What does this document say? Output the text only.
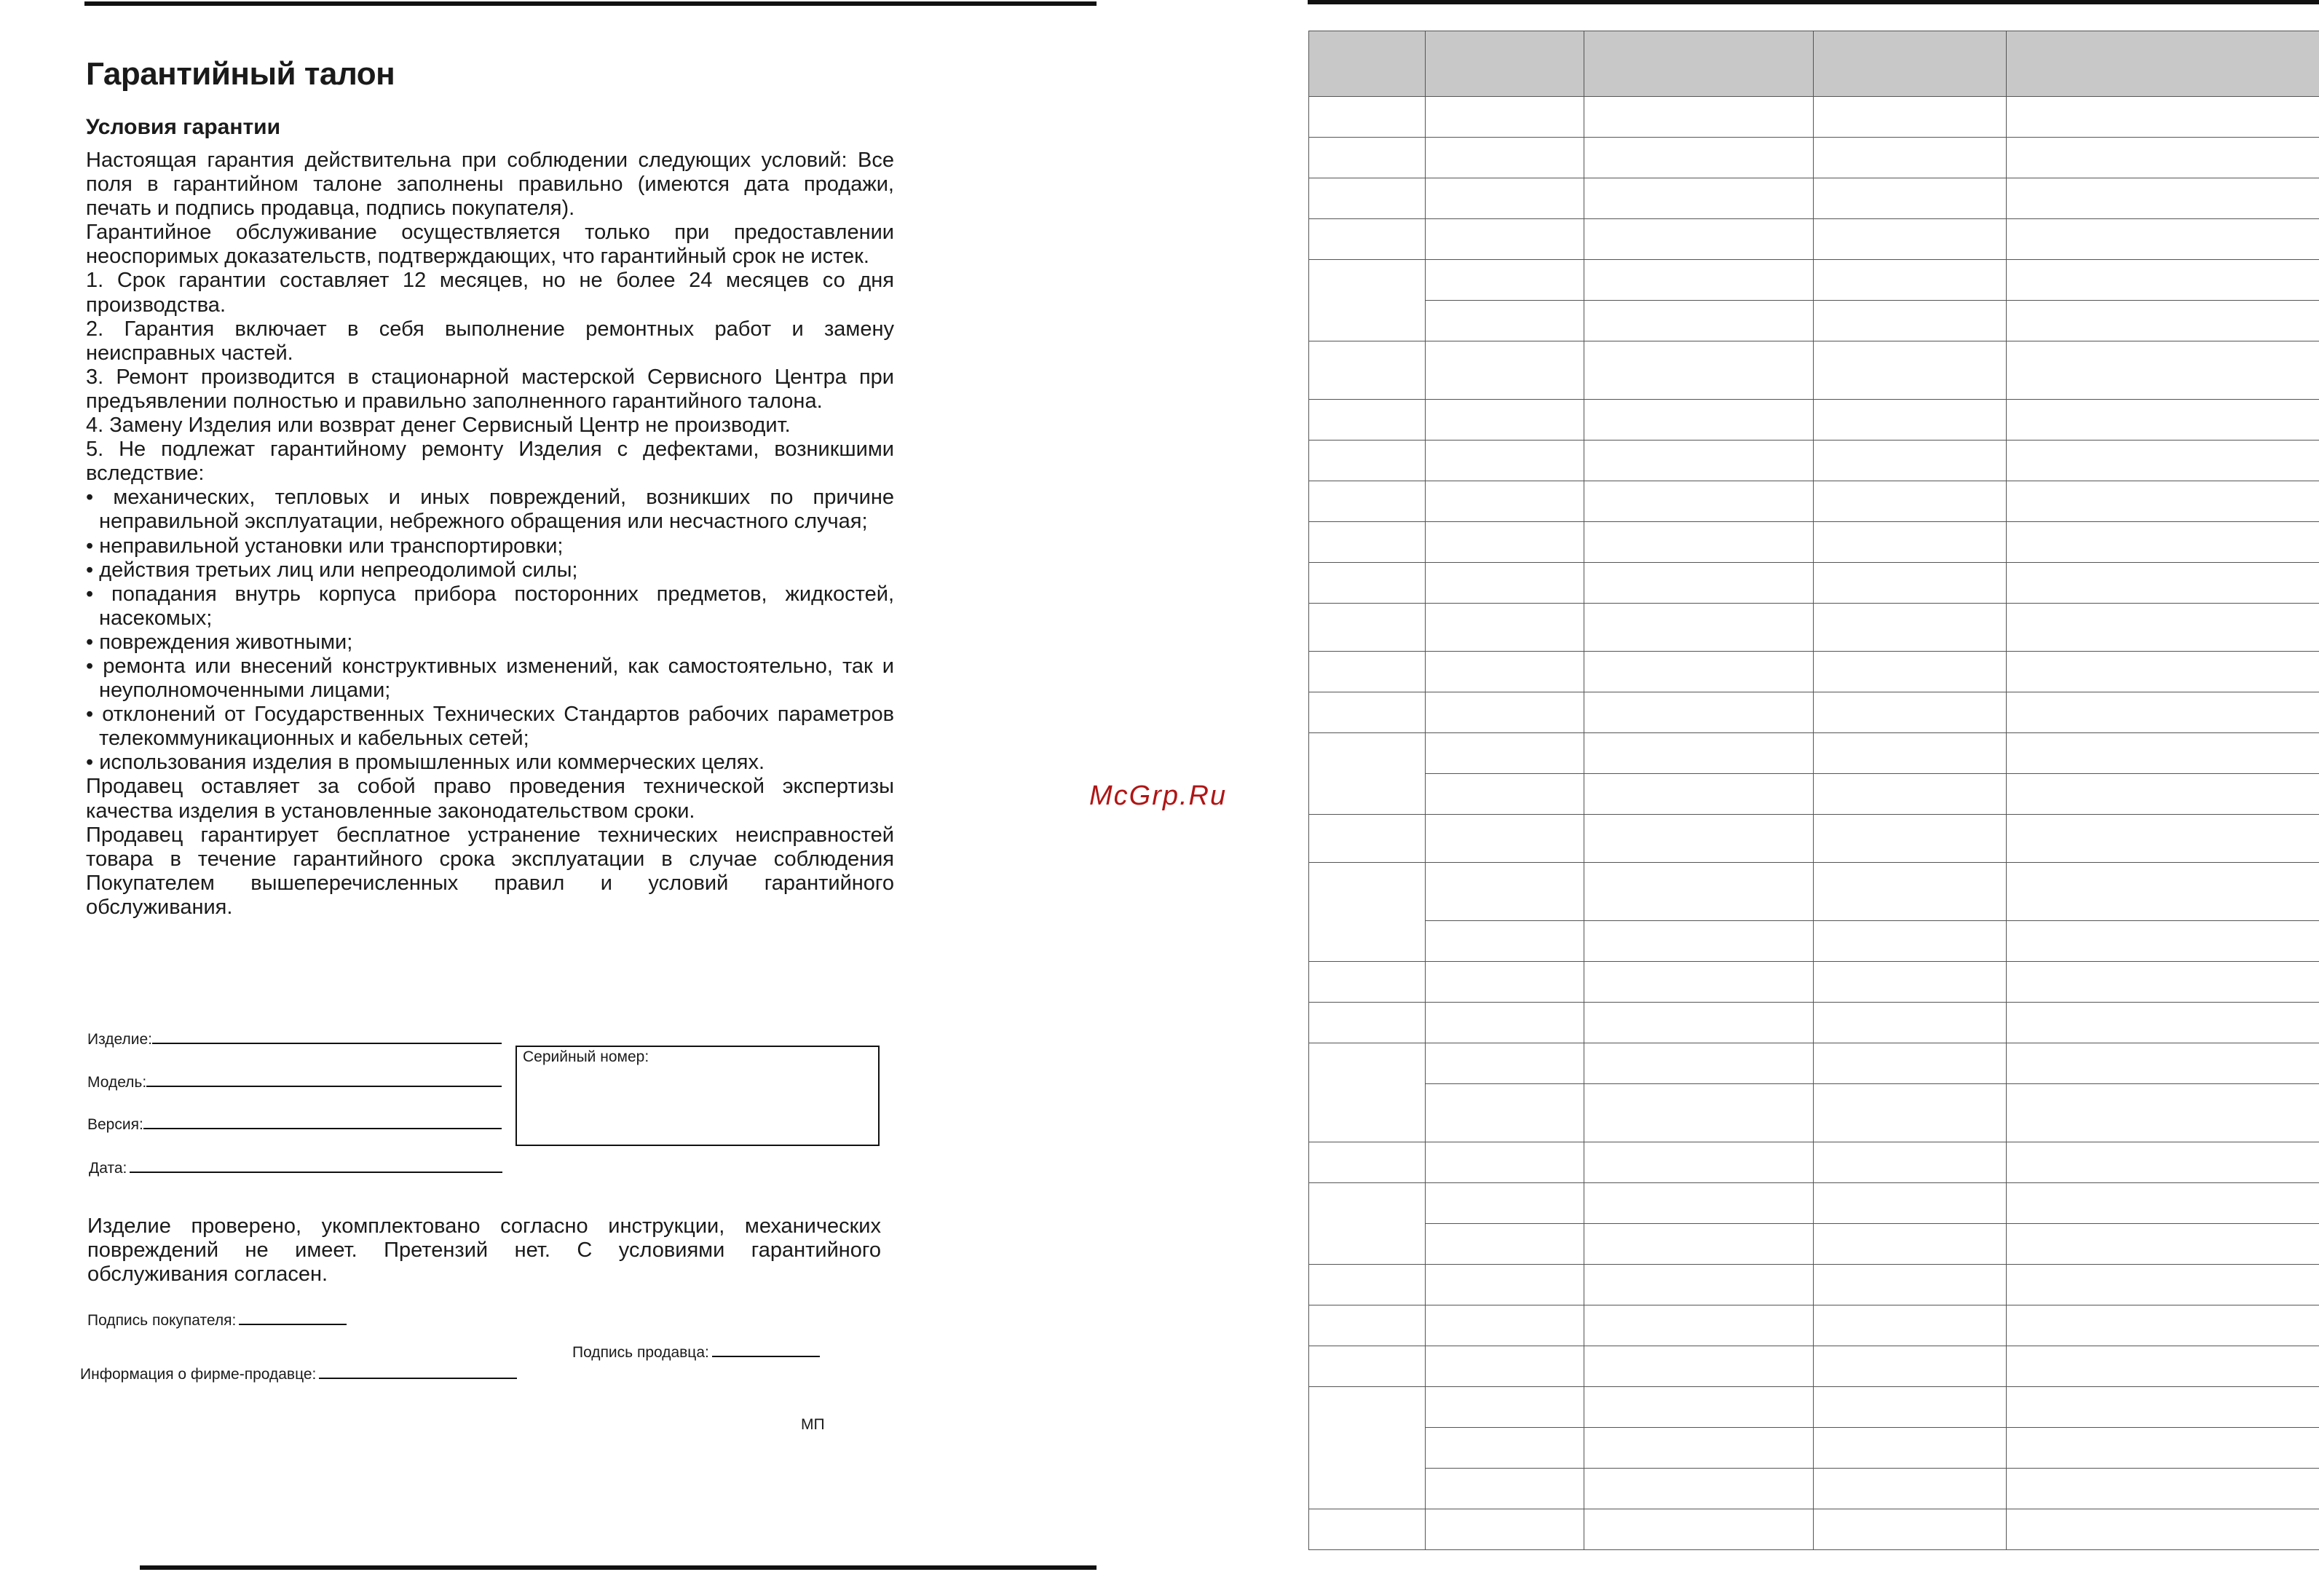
Гарантийный талон
Условия гарантии

Настоящая гарантия действительна при соблюдении следующих условий: Все поля в гарантийном талоне заполнены правильно (имеются дата продажи, печать и подпись продавца, подпись покупателя).

Гарантийное обслуживание осуществляется только при предоставлении неоспоримых доказательств, подтверждающих, что гарантийный срок не истек.

1. Срок гарантии составляет 12 месяцев, но не более 24 месяцев со дня производства.

2. Гарантия включает в себя выполнение ремонтных работ и замену неисправных частей.

3. Ремонт производится в стационарной мастерской Сервисного Центра при предъявлении полностью и правильно заполненного гарантийного талона.

4. Замену Изделия или возврат денег Сервисный Центр не производит.

5. Не подлежат гарантийному ремонту Изделия с дефектами, возникшими вследствие:

• механических, тепловых и иных повреждений, возникших по причине неправильной эксплуатации, небрежного обращения или несчастного случая;

• неправильной установки или транспортировки;

• действия третьих лиц или непреодолимой силы;

• попадания внутрь корпуса прибора посторонних предметов, жидкостей, насекомых;

• повреждения животными;

• ремонта или внесений конструктивных изменений, как самостоятельно, так и неуполномоченными лицами;

• отклонений от Государственных Технических Стандартов рабочих параметров телекоммуникационных и кабельных сетей;

• использования изделия в промышленных или коммерческих целях.

Продавец оставляет за собой право проведения технической экспертизы качества изделия в установленные законодательством сроки.

Продавец гарантирует бесплатное устранение технических неисправностей товара в течение гарантийного срока эксплуатации в случае соблюдения Покупателем вышеперечисленных правил и условий гарантийного обслуживания.

Изделие:
Модель:
Версия:
Дата:
Серийный номер:
Изделие проверено, укомплектовано согласно инструкции, механических повреждений не имеет. Претензий нет. С условиями гарантийного обслуживания согласен.
Подпись покупателя:
Подпись продавца:
Информация о фирме-продавце:
МП
McGrp.Ru
